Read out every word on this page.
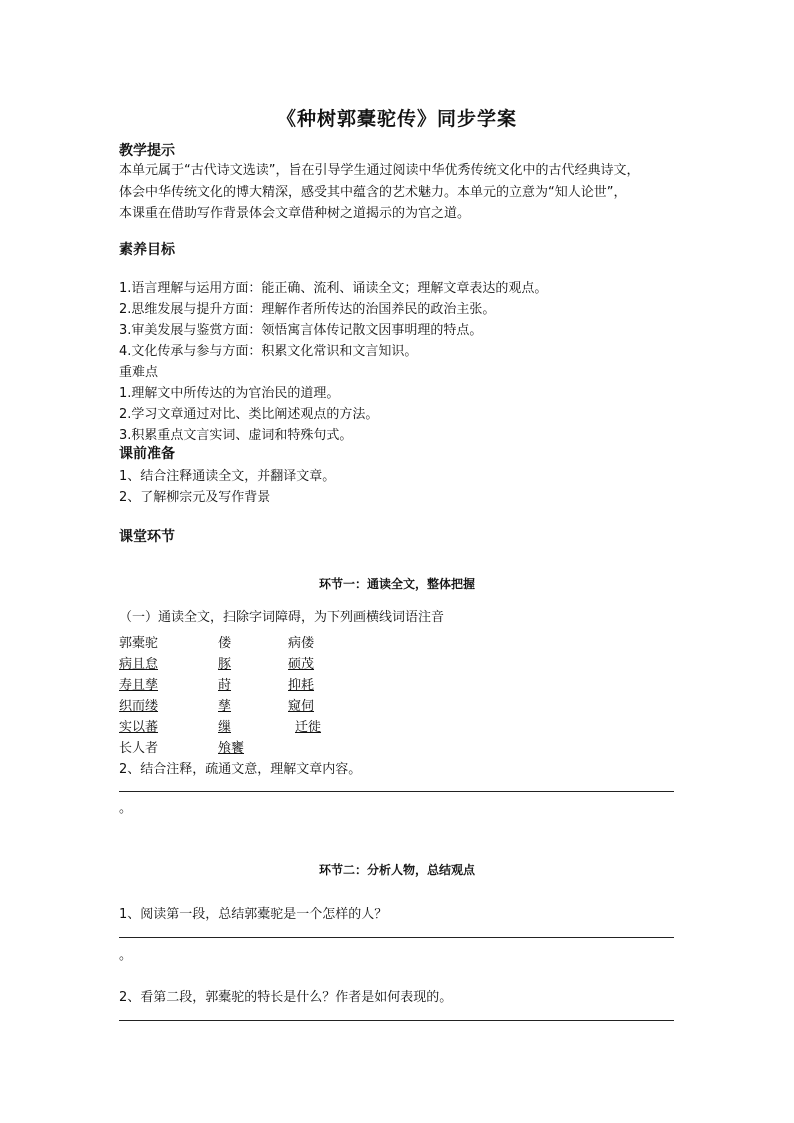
《种树郭橐驼传》同步学案
教学提示
本单元属于“古代诗文选读”，旨在引导学生通过阅读中华优秀传统文化中的古代经典诗文，
体会中华传统文化的博大精深，感受其中蕴含的艺术魅力。本单元的立意为“知人论世”，
本课重在借助写作背景体会文章借种树之道揭示的为官之道。
素养目标
1.语言理解与运用方面：能正确、流利、诵读全文；理解文章表达的观点。
2.思维发展与提升方面：理解作者所传达的治国养民的政治主张。
3.审美发展与鉴赏方面：领悟寓言体传记散文因事明理的特点。
4.文化传承与参与方面：积累文化常识和文言知识。
重难点
1.理解文中所传达的为官治民的道理。
2.学习文章通过对比、类比阐述观点的方法。
3.积累重点文言实词、虚词和特殊句式。
课前准备
1、结合注释通读全文，并翻译文章。
2、了解柳宗元及写作背景
课堂环节
环节一：通读全文，整体把握
（一）通读全文，扫除字词障碍，为下列画横线词语注音
郭橐驼	偻	病偻
病且怠	豚	硕茂
寿且孳	莳	抑耗
织而缕	孳	窥伺
实以蕃	缫	迁徙
长人者	飧饔
2、结合注释，疏通文意，理解文章内容。
。
环节二：分析人物，总结观点
1、阅读第一段，总结郭橐驼是一个怎样的人？
。
2、看第二段，郭橐驼的特长是什么？作者是如何表现的。
